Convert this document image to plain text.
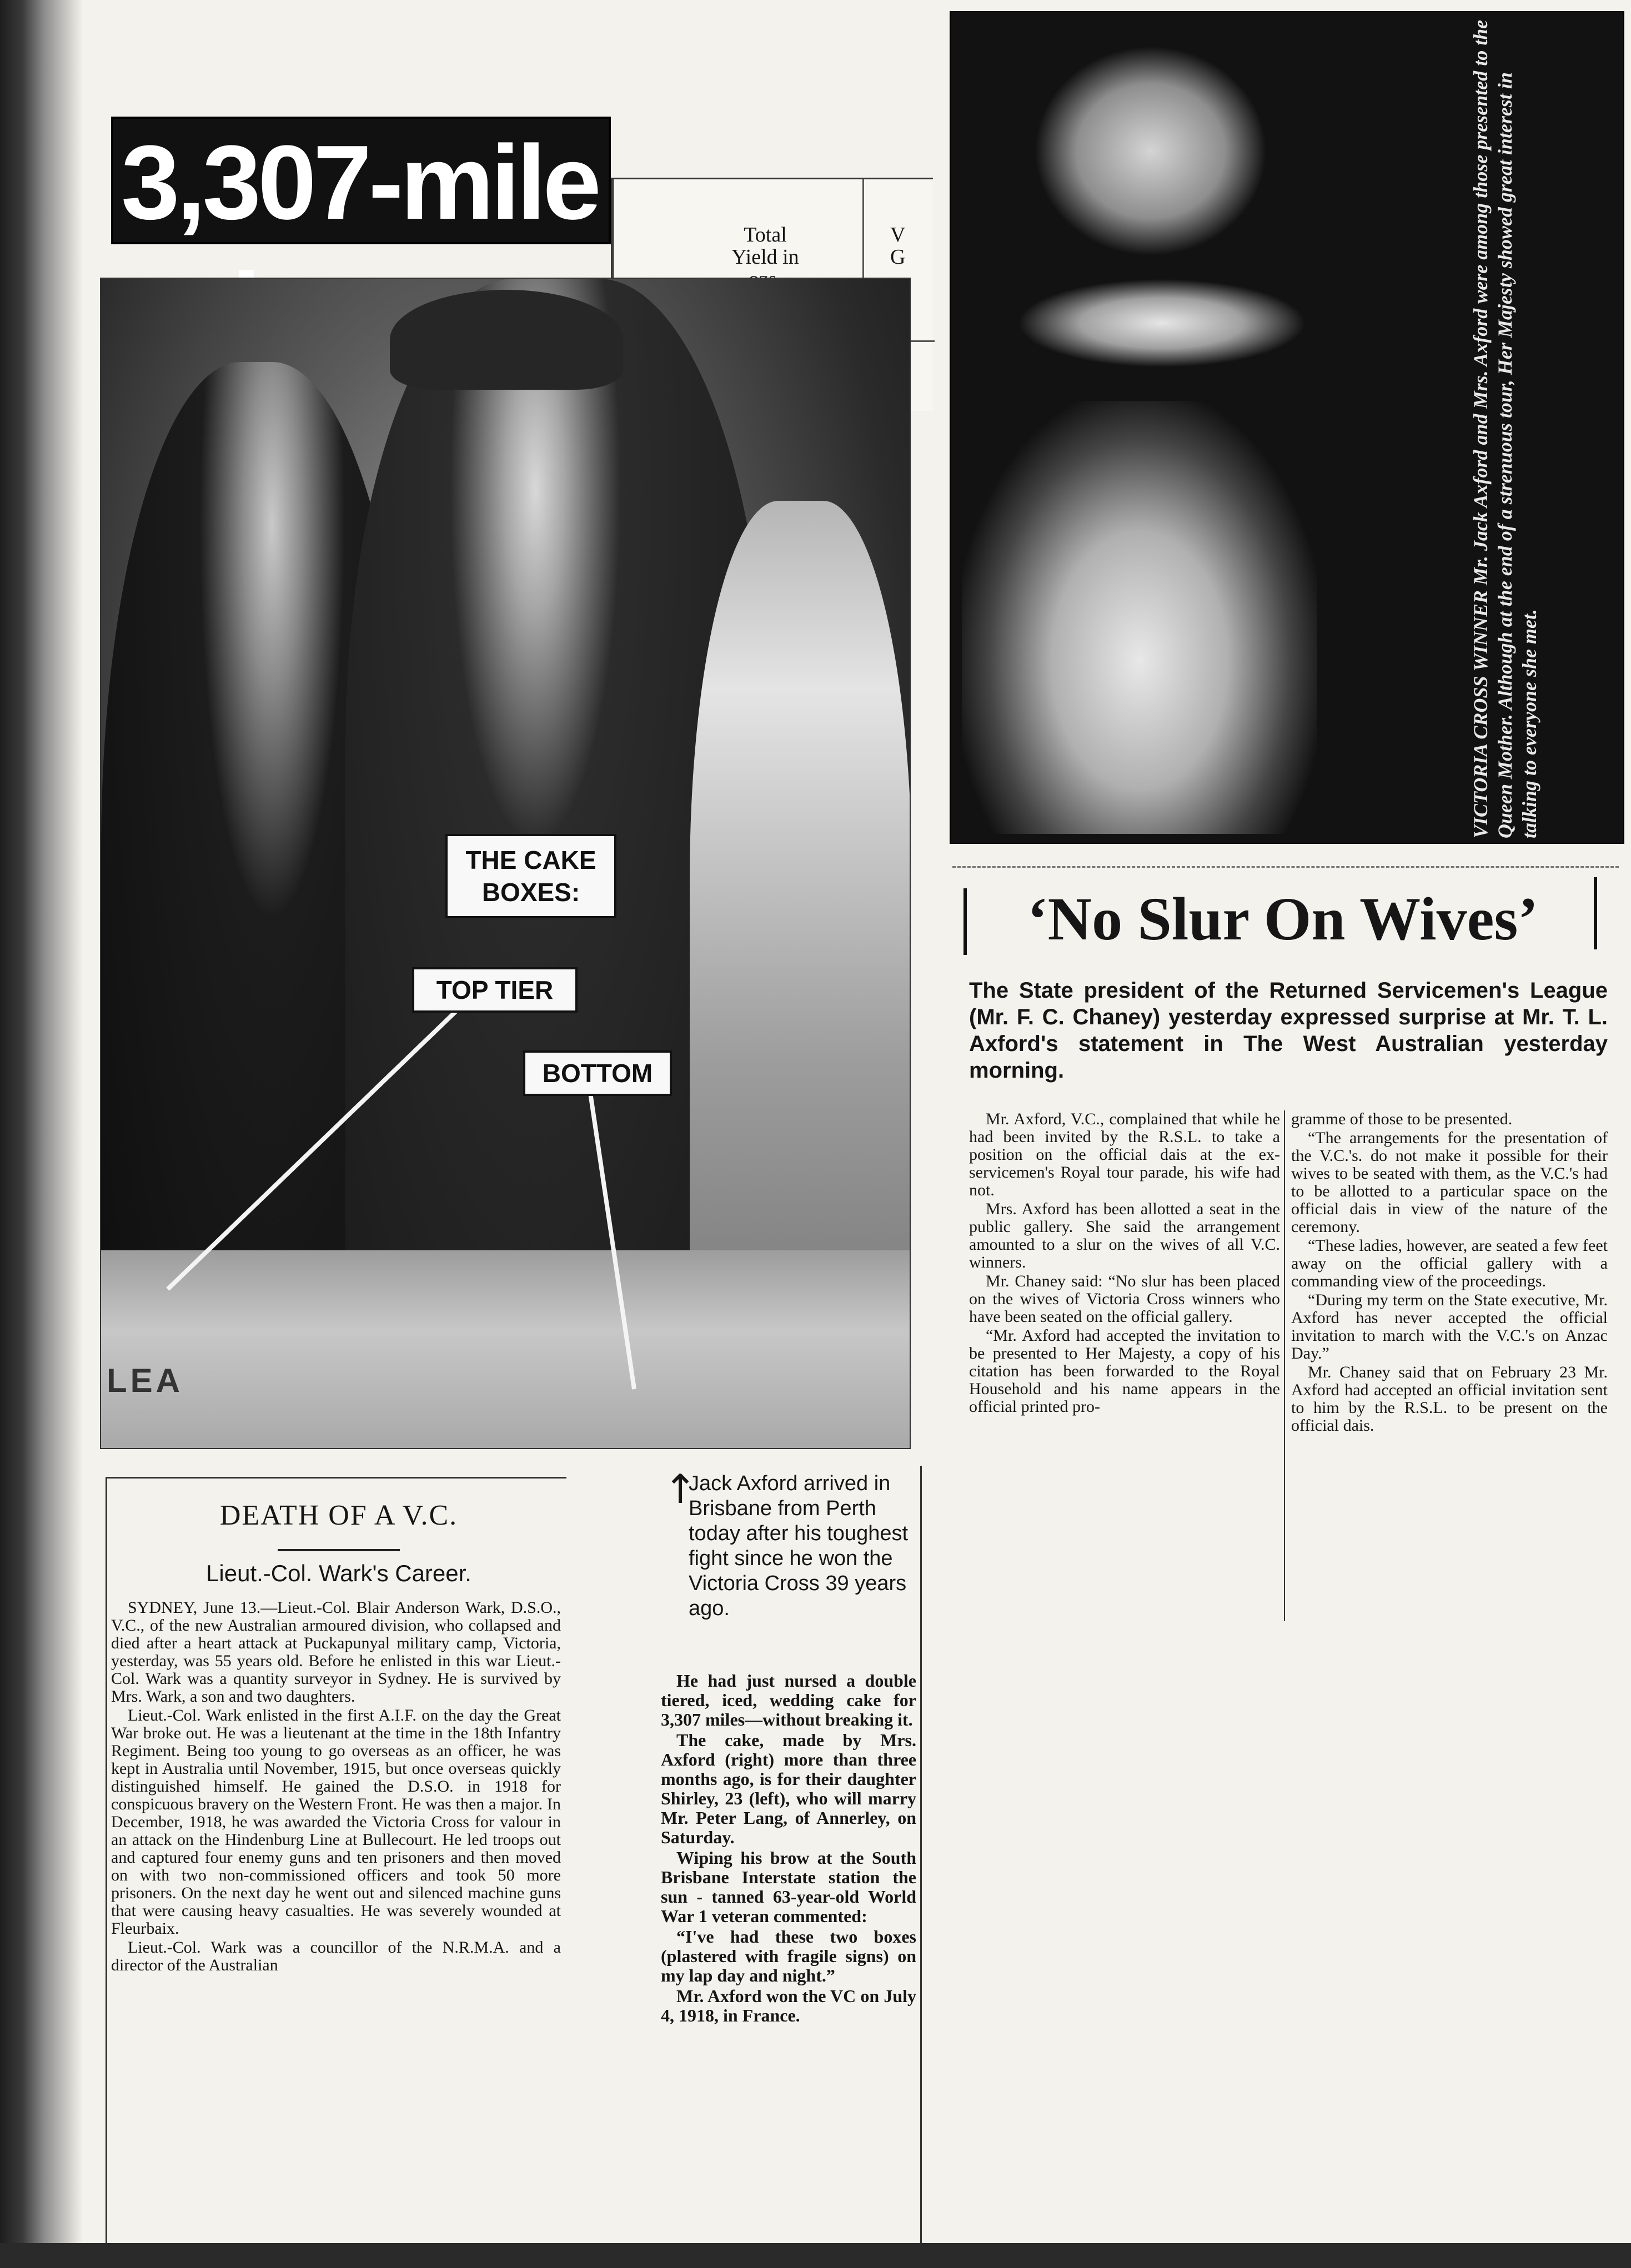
Total
Yield in
V
G
3,307-mile
LEA
THE CAKE
BOXES:
TOP TIER
BOTTOM
DEATH OF A V.C.
Lieut.-Col. Wark's Career.

SYDNEY, June 13.—Lieut.-Col. Blair Anderson Wark, D.S.O., V.C., of the new Australian armoured division, who collapsed and died after a heart attack at Puckapunyal military camp, Victoria, yesterday, was 55 years old. Before he enlisted in this war Lieut.-Col. Wark was a quantity surveyor in Sydney. He is survived by Mrs. Wark, a son and two daughters.

Lieut.-Col. Wark enlisted in the first A.I.F. on the day the Great War broke out. He was a lieutenant at the time in the 18th Infantry Regiment. Being too young to go overseas as an officer, he was kept in Australia until November, 1915, but once overseas quickly distinguished himself. He gained the D.S.O. in 1918 for conspicuous bravery on the Western Front. He was then a major. In December, 1918, he was awarded the Victoria Cross for valour in an attack on the Hindenburg Line at Bullecourt. He led troops out and captured four enemy guns and ten prisoners and then moved on with two non-commissioned officers and took 50 more prisoners. On the next day he went out and silenced machine guns that were causing heavy casualties. He was severely wounded at Fleurbaix.

Lieut.-Col. Wark was a councillor of the N.R.M.A. and a director of the Australian

↑
Jack Axford arrived in Brisbane from Perth today after his toughest fight since he won the Victoria Cross 39 years ago.

He had just nursed a double tiered, iced, wedding cake for 3,307 miles—without breaking it.

The cake, made by Mrs. Axford (right) more than three months ago, is for their daughter Shirley, 23 (left), who will marry Mr. Peter Lang, of Annerley, on Saturday.

Wiping his brow at the South Brisbane Interstate station the sun - tanned 63-year-old World War 1 veteran commented:

“I've had these two boxes (plastered with fragile signs) on my lap day and night.”

Mr. Axford won the VC on July 4, 1918, in France.

VICTORIA CROSS WINNER Mr. Jack Axford and Mrs. Axford were among those presented to the Queen Mother. Although at the end of a strenuous tour, Her Majesty showed great interest in talking to everyone she met.
‘No Slur On Wives’
The State president of the Returned Servicemen's League (Mr. F. C. Chaney) yesterday expressed surprise at Mr. T. L. Axford's statement in The West Australian yesterday morning.

Mr. Axford, V.C., complained that while he had been invited by the R.S.L. to take a position on the official dais at the ex-servicemen's Royal tour parade, his wife had not.

Mrs. Axford has been allotted a seat in the public gallery. She said the arrangement amounted to a slur on the wives of all V.C. winners.

Mr. Chaney said: “No slur has been placed on the wives of Victoria Cross winners who have been seated on the official gallery.

“Mr. Axford had accepted the invitation to be presented to Her Majesty, a copy of his citation has been forwarded to the Royal Household and his name appears in the official printed pro-

gramme of those to be presented.

“The arrangements for the presentation of the V.C.'s. do not make it possible for their wives to be seated with them, as the V.C.'s had to be allotted to a particular space on the official dais in view of the nature of the ceremony.

“These ladies, however, are seated a few feet away on the official gallery with a commanding view of the proceedings.

“During my term on the State executive, Mr. Axford has never accepted the official invitation to march with the V.C.'s on Anzac Day.”

Mr. Chaney said that on February 23 Mr. Axford had accepted an official invitation sent to him by the R.S.L. to be present on the official dais.
